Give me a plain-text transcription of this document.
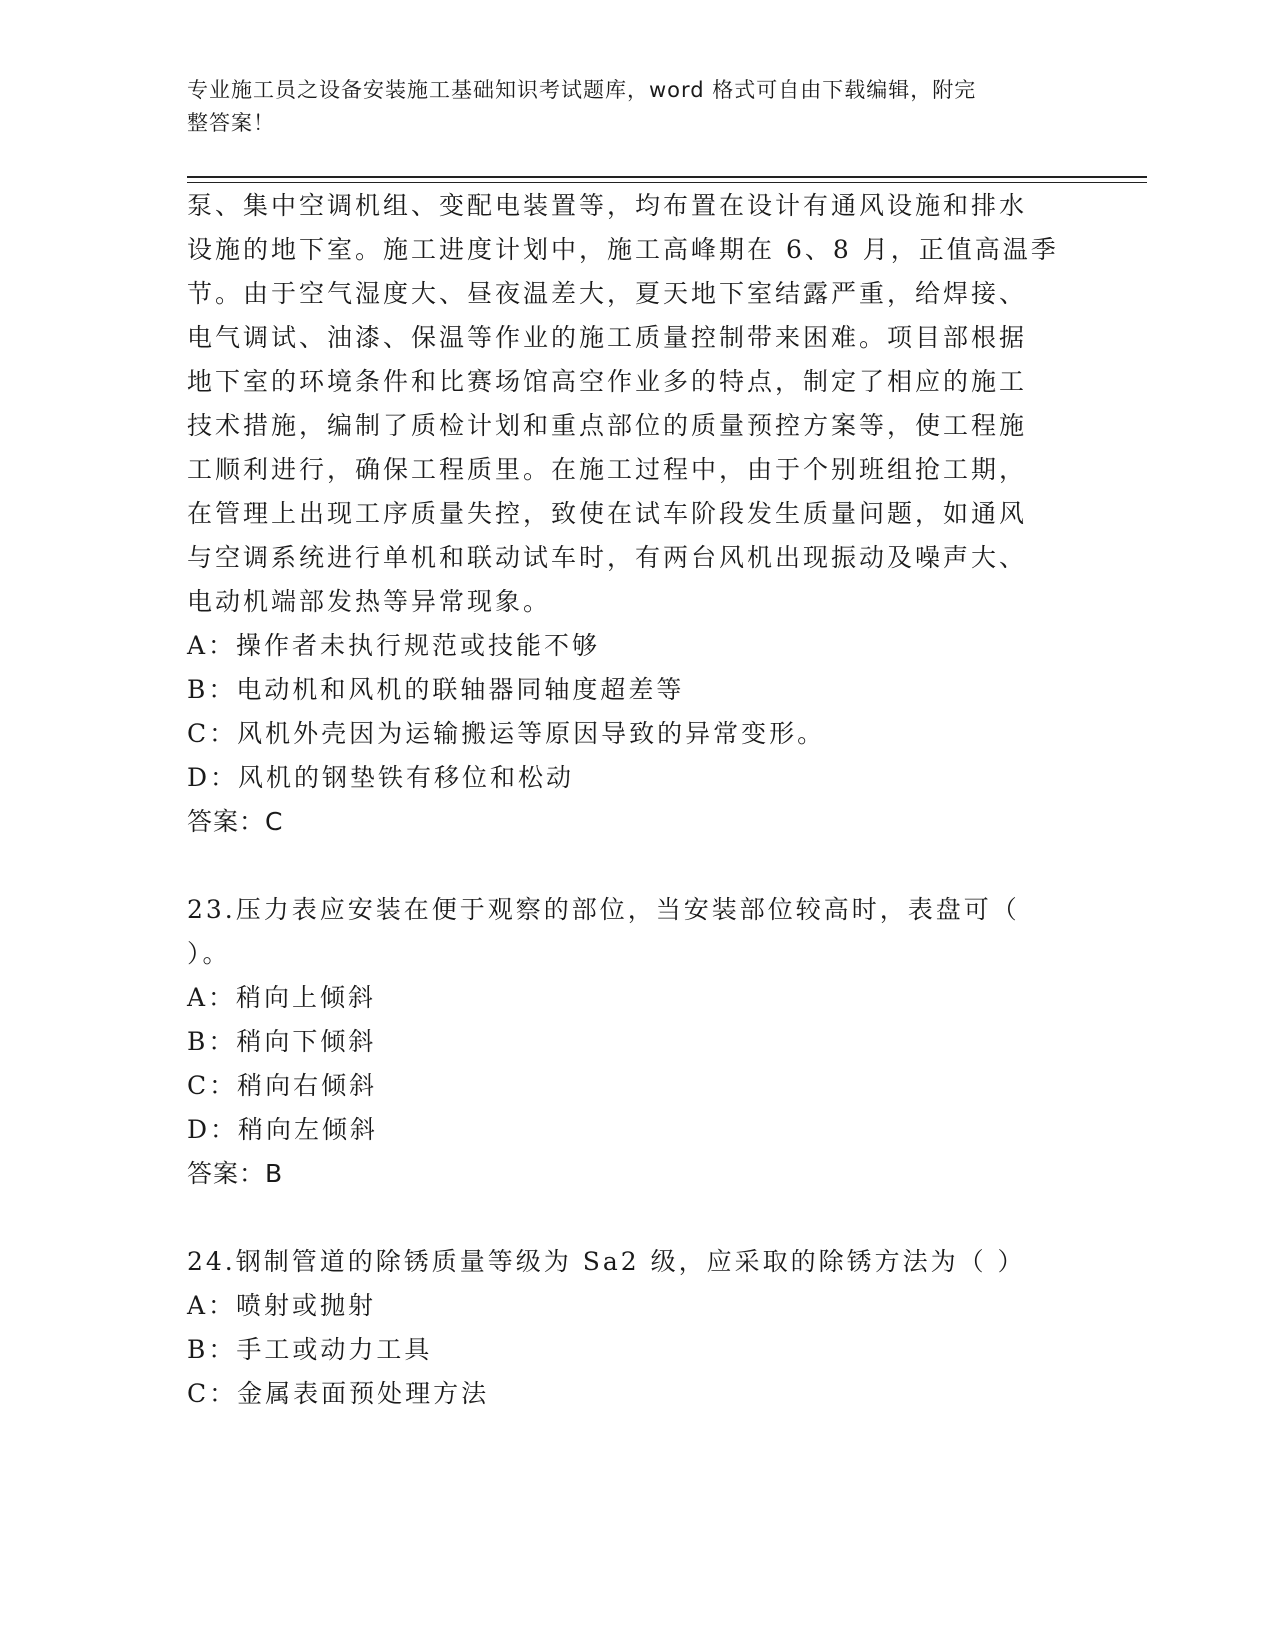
专业施工员之设备安装施工基础知识考试题库，word 格式可自由下载编辑，附完
整答案！
泵、集中空调机组、变配电装置等，均布置在设计有通风设施和排水
设施的地下室。施工进度计划中，施工高峰期在 6、8 月，正值高温季
节。由于空气湿度大、昼夜温差大，夏天地下室结露严重，给焊接、
电气调试、油漆、保温等作业的施工质量控制带来困难。项目部根据
地下室的环境条件和比赛场馆高空作业多的特点，制定了相应的施工
技术措施，编制了质检计划和重点部位的质量预控方案等，使工程施
工顺利进行，确保工程质里。在施工过程中，由于个别班组抢工期，
在管理上出现工序质量失控，致使在试车阶段发生质量问题，如通风
与空调系统进行单机和联动试车时，有两台风机出现振动及噪声大、
电动机端部发热等异常现象。
A：操作者未执行规范或技能不够
B：电动机和风机的联轴器同轴度超差等
C：风机外壳因为运输搬运等原因导致的异常变形。
D：风机的钢垫铁有移位和松动
答案：C
23.压力表应安装在便于观察的部位，当安装部位较高时，表盘可（
）。
A：稍向上倾斜
B：稍向下倾斜
C：稍向右倾斜
D：稍向左倾斜
答案：B
24.钢制管道的除锈质量等级为 Sa2 级，应采取的除锈方法为（ ）
A：喷射或抛射
B：手工或动力工具
C：金属表面预处理方法
